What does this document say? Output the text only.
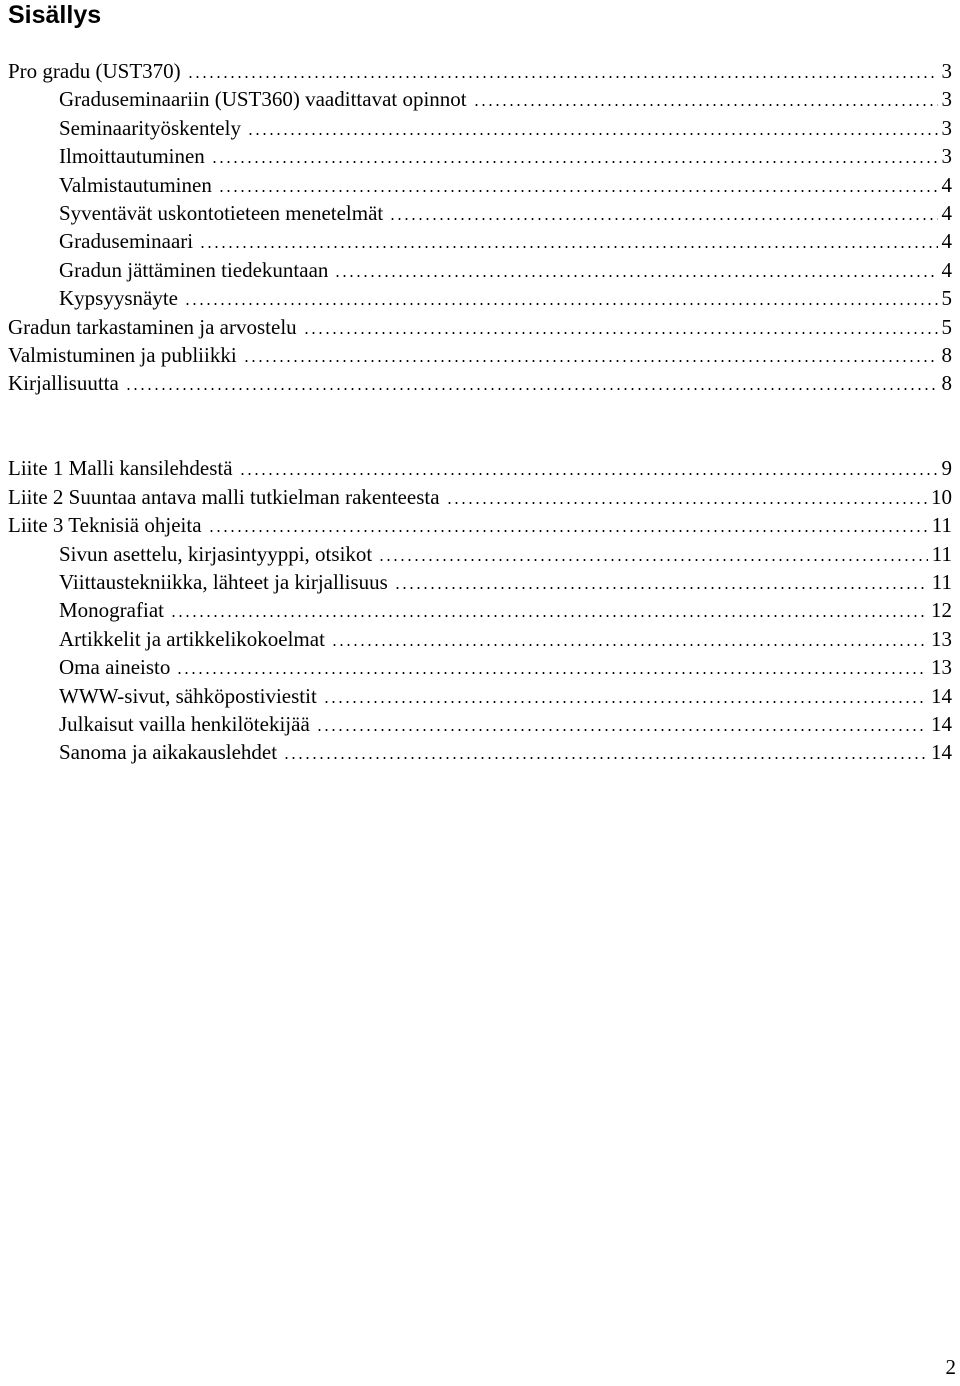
Sisällys
Pro gradu (UST370)	3
Graduseminaariin (UST360) vaadittavat opinnot	3
Seminaarityöskentely	3
Ilmoittautuminen	3
Valmistautuminen	4
Syventävät uskontotieteen menetelmät	4
Graduseminaari	4
Gradun jättäminen tiedekuntaan	4
Kypsyysnäyte	5
Gradun tarkastaminen ja arvostelu	5
Valmistuminen ja publiikki	8
Kirjallisuutta	8
Liite 1 Malli kansilehdestä	9
Liite 2 Suuntaa antava malli tutkielman rakenteesta	10
Liite 3 Teknisiä ohjeita	11
Sivun asettelu, kirjasintyyppi, otsikot	11
Viittaustekniikka, lähteet ja kirjallisuus	11
Monografiat	12
Artikkelit ja artikkelikokoelmat	13
Oma aineisto	13
WWW-sivut, sähköpostiviestit	14
Julkaisut vailla henkilötekijää	14
Sanoma ja aikakauslehdet	14
2
